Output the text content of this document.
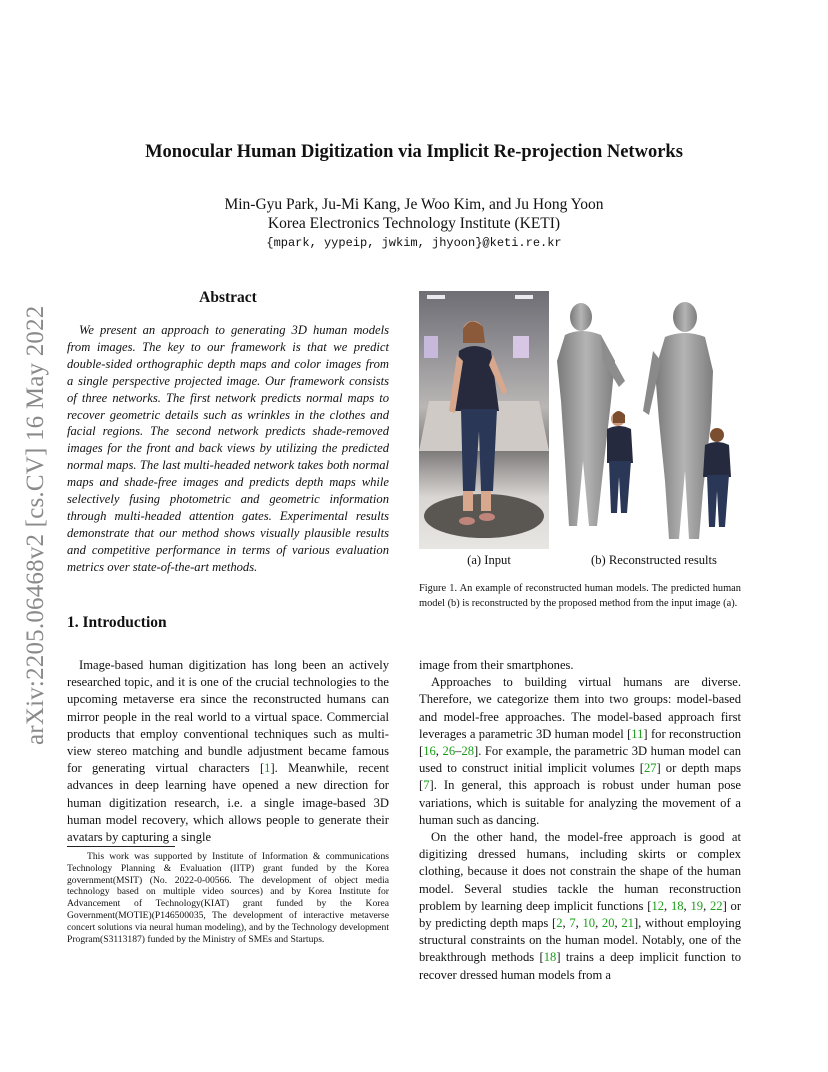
arXiv:2205.06468v2 [cs.CV] 16 May 2022
Monocular Human Digitization via Implicit Re-projection Networks
Min-Gyu Park, Ju-Mi Kang, Je Woo Kim, and Ju Hong Yoon
Korea Electronics Technology Institute (KETI)
{mpark, yypeip, jwkim, jhyoon}@keti.re.kr
Abstract

We present an approach to generating 3D human models from images. The key to our framework is that we predict double-sided orthographic depth maps and color images from a single perspective projected image. Our framework consists of three networks. The first network predicts normal maps to recover geometric details such as wrinkles in the clothes and facial regions. The second network predicts shade-removed images for the front and back views by utilizing the predicted normal maps. The last multi-headed network takes both normal maps and shade-free images and predicts depth maps while selectively fusing photometric and geometric information through multi-headed attention gates. Experimental results demonstrate that our method shows visually plausible results and competitive performance in terms of various evaluation metrics over state-of-the-art methods.

1. Introduction

Image-based human digitization has long been an actively researched topic, and it is one of the crucial technologies to the upcoming metaverse era since the reconstructed humans can mirror people in the real world to a virtual space. Commercial products that employ conventional techniques such as multi-view stereo matching and bundle adjustment became famous for generating virtual characters [1]. Meanwhile, recent advances in deep learning have opened a new direction for human digitization research, i.e. a single image-based 3D human model recovery, which allows people to generate their avatars by capturing a single

This work was supported by Institute of Information & communications Technology Planning & Evaluation (IITP) grant funded by the Korea government(MSIT) (No. 2022-0-00566. The development of object media technology based on multiple video sources) and by Korea Institute for Advancement of Technology(KIAT) grant funded by the Korea Government(MOTIE)(P146500035, The development of interactive metaverse concert solutions via neural human modeling), and by the Technology development Program(S3113187) funded by the Ministry of SMEs and Startups.

(a) Input	(b) Reconstructed results

Figure 1. An example of reconstructed human models. The predicted human model (b) is reconstructed by the proposed method from the input image (a).

image from their smartphones.

Approaches to building virtual humans are diverse. Therefore, we categorize them into two groups: model-based and model-free approaches. The model-based approach first leverages a parametric 3D human model [11] for reconstruction [16, 26–28]. For example, the parametric 3D human model can used to construct initial implicit volumes [27] or depth maps [7]. In general, this approach is robust under human pose variations, which is suitable for analyzing the movement of a human such as dancing.

On the other hand, the model-free approach is good at digitizing dressed humans, including skirts or complex clothing, because it does not constrain the shape of the human model. Several studies tackle the human reconstruction problem by learning deep implicit functions [12, 18, 19, 22] or by predicting depth maps [2, 7, 10, 20, 21], without employing structural constraints on the human model. Notably, one of the breakthrough methods [18] trains a deep implicit function to recover dressed human models from a
